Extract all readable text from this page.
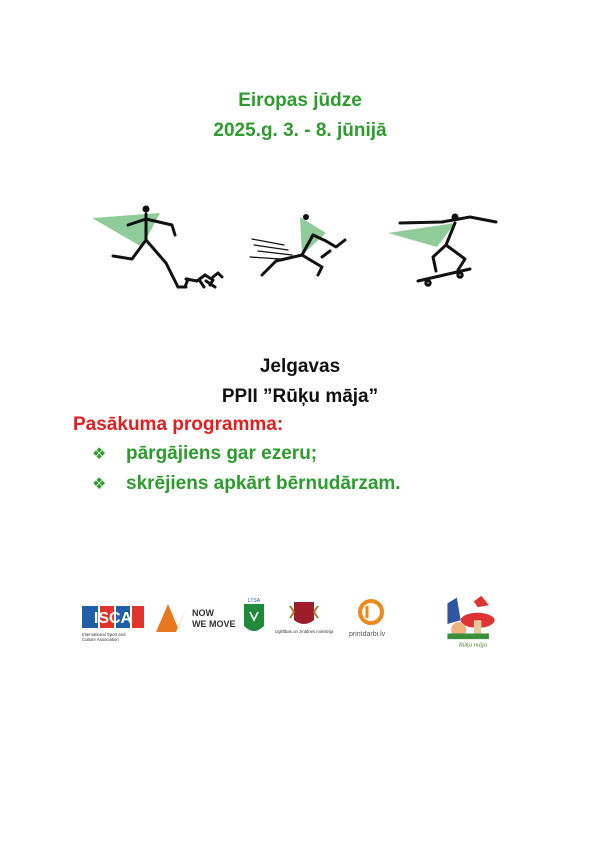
Eiropas jūdze
2025.g. 3. - 8. jūnijā
Jelgavas
PPII ”Rūķu māja”
Pasākuma programma:
❖	pārgājiens gar ezeru;
❖	skrējiens apkārt bērnudārzam.
ISCA
International Sport and
Culture Association
NOW
WE MOVE
LTSA
Izglītības un zinātnes ministrija printdarbi.lv
Rūķu māja
